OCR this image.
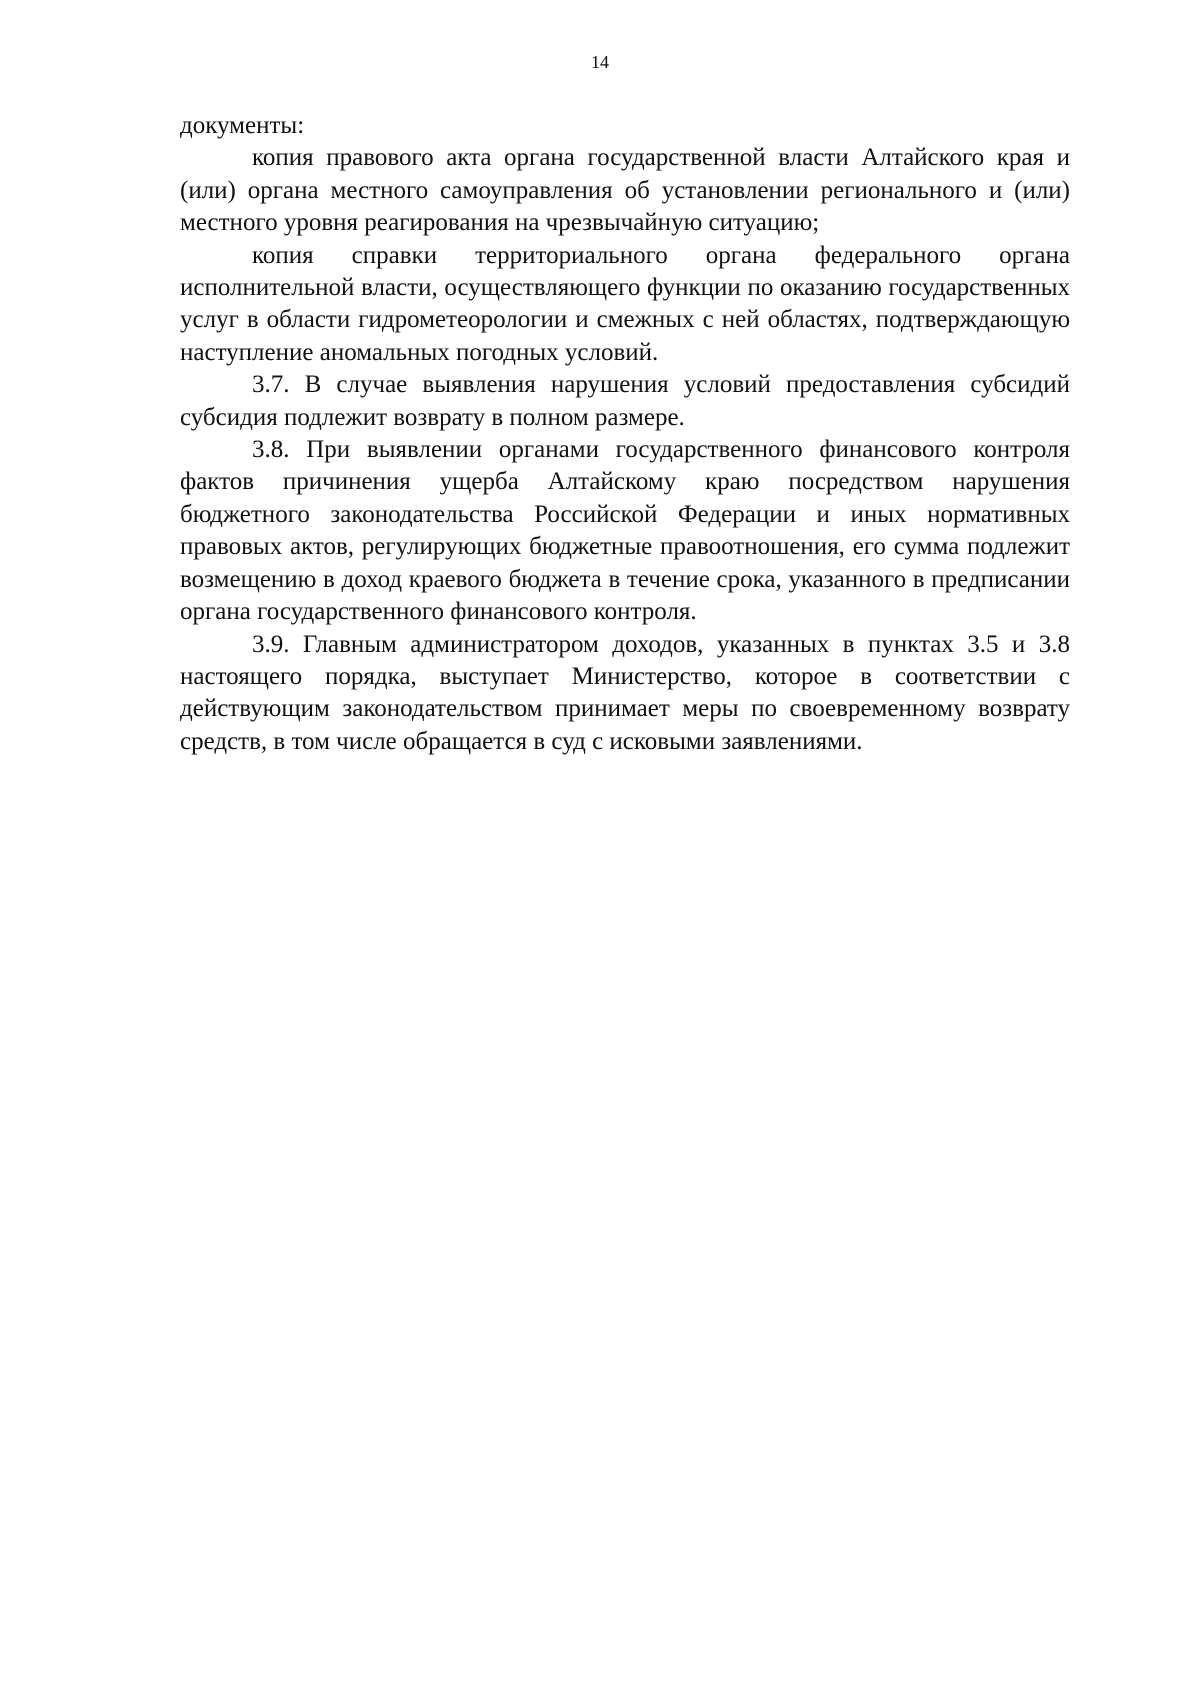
14

документы:

копия правового акта органа государственной власти Алтайского края и (или) органа местного самоуправления об установлении регионального и (или) местного уровня реагирования на чрезвычайную ситуацию;

копия справки территориального органа федерального органа исполнительной власти, осуществляющего функции по оказанию государственных услуг в области гидрометеорологии и смежных с ней областях, подтверждающую наступление аномальных погодных условий.

3.7. В случае выявления нарушения условий предоставления субсидий субсидия подлежит возврату в полном размере.

3.8. При выявлении органами государственного финансового контроля фактов причинения ущерба Алтайскому краю посредством нарушения бюджетного законодательства Российской Федерации и иных нормативных правовых актов, регулирующих бюджетные правоотношения, его сумма подлежит возмещению в доход краевого бюджета в течение срока, указанного в предписании органа государственного финансового контроля.

3.9. Главным администратором доходов, указанных в пунктах 3.5 и 3.8 настоящего порядка, выступает Министерство, которое в соответствии с действующим законодательством принимает меры по своевременному возврату средств, в том числе обращается в суд с исковыми заявлениями.
